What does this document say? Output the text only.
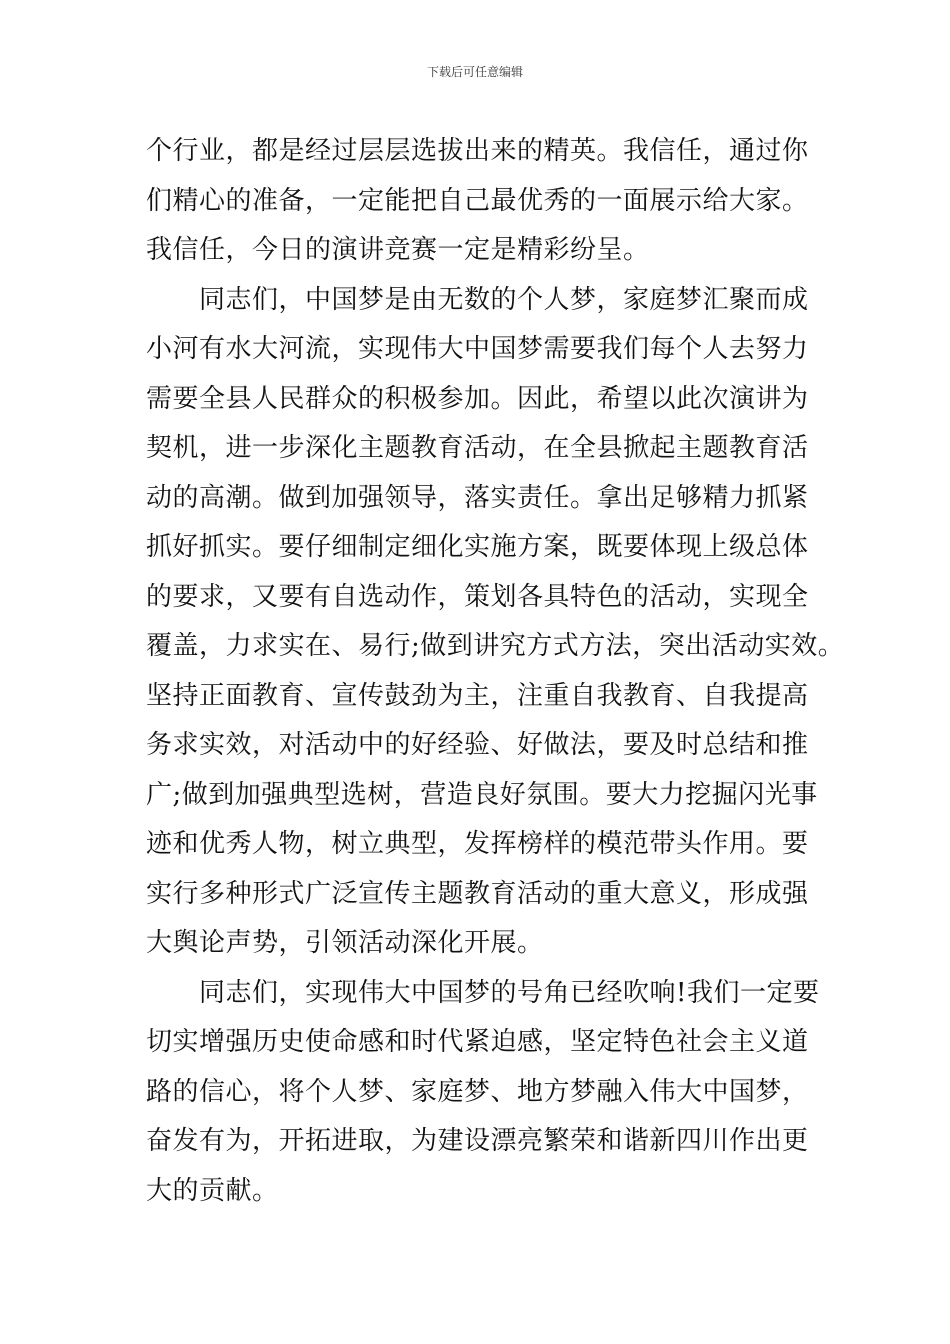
下载后可任意编辑
个行业，都是经过层层选拔出来的精英。我信任，通过你
们精心的准备，一定能把自己最优秀的一面展示给大家。
我信任，今日的演讲竞赛一定是精彩纷呈。
　　同志们，中国梦是由无数的个人梦，家庭梦汇聚而成
小河有水大河流，实现伟大中国梦需要我们每个人去努力
需要全县人民群众的积极参加。因此，希望以此次演讲为
契机，进一步深化主题教育活动，在全县掀起主题教育活
动的高潮。做到加强领导，落实责任。拿出足够精力抓紧
抓好抓实。要仔细制定细化实施方案，既要体现上级总体
的要求，又要有自选动作，策划各具特色的活动，实现全
覆盖，力求实在、易行;做到讲究方式方法，突出活动实效。
坚持正面教育、宣传鼓劲为主，注重自我教育、自我提高
务求实效，对活动中的好经验、好做法，要及时总结和推
广;做到加强典型选树，营造良好氛围。要大力挖掘闪光事
迹和优秀人物，树立典型，发挥榜样的模范带头作用。要
实行多种形式广泛宣传主题教育活动的重大意义，形成强
大舆论声势，引领活动深化开展。
　　同志们，实现伟大中国梦的号角已经吹响!我们一定要
切实增强历史使命感和时代紧迫感，坚定特色社会主义道
路的信心，将个人梦、家庭梦、地方梦融入伟大中国梦，
奋发有为，开拓进取，为建设漂亮繁荣和谐新四川作出更
大的贡献。
